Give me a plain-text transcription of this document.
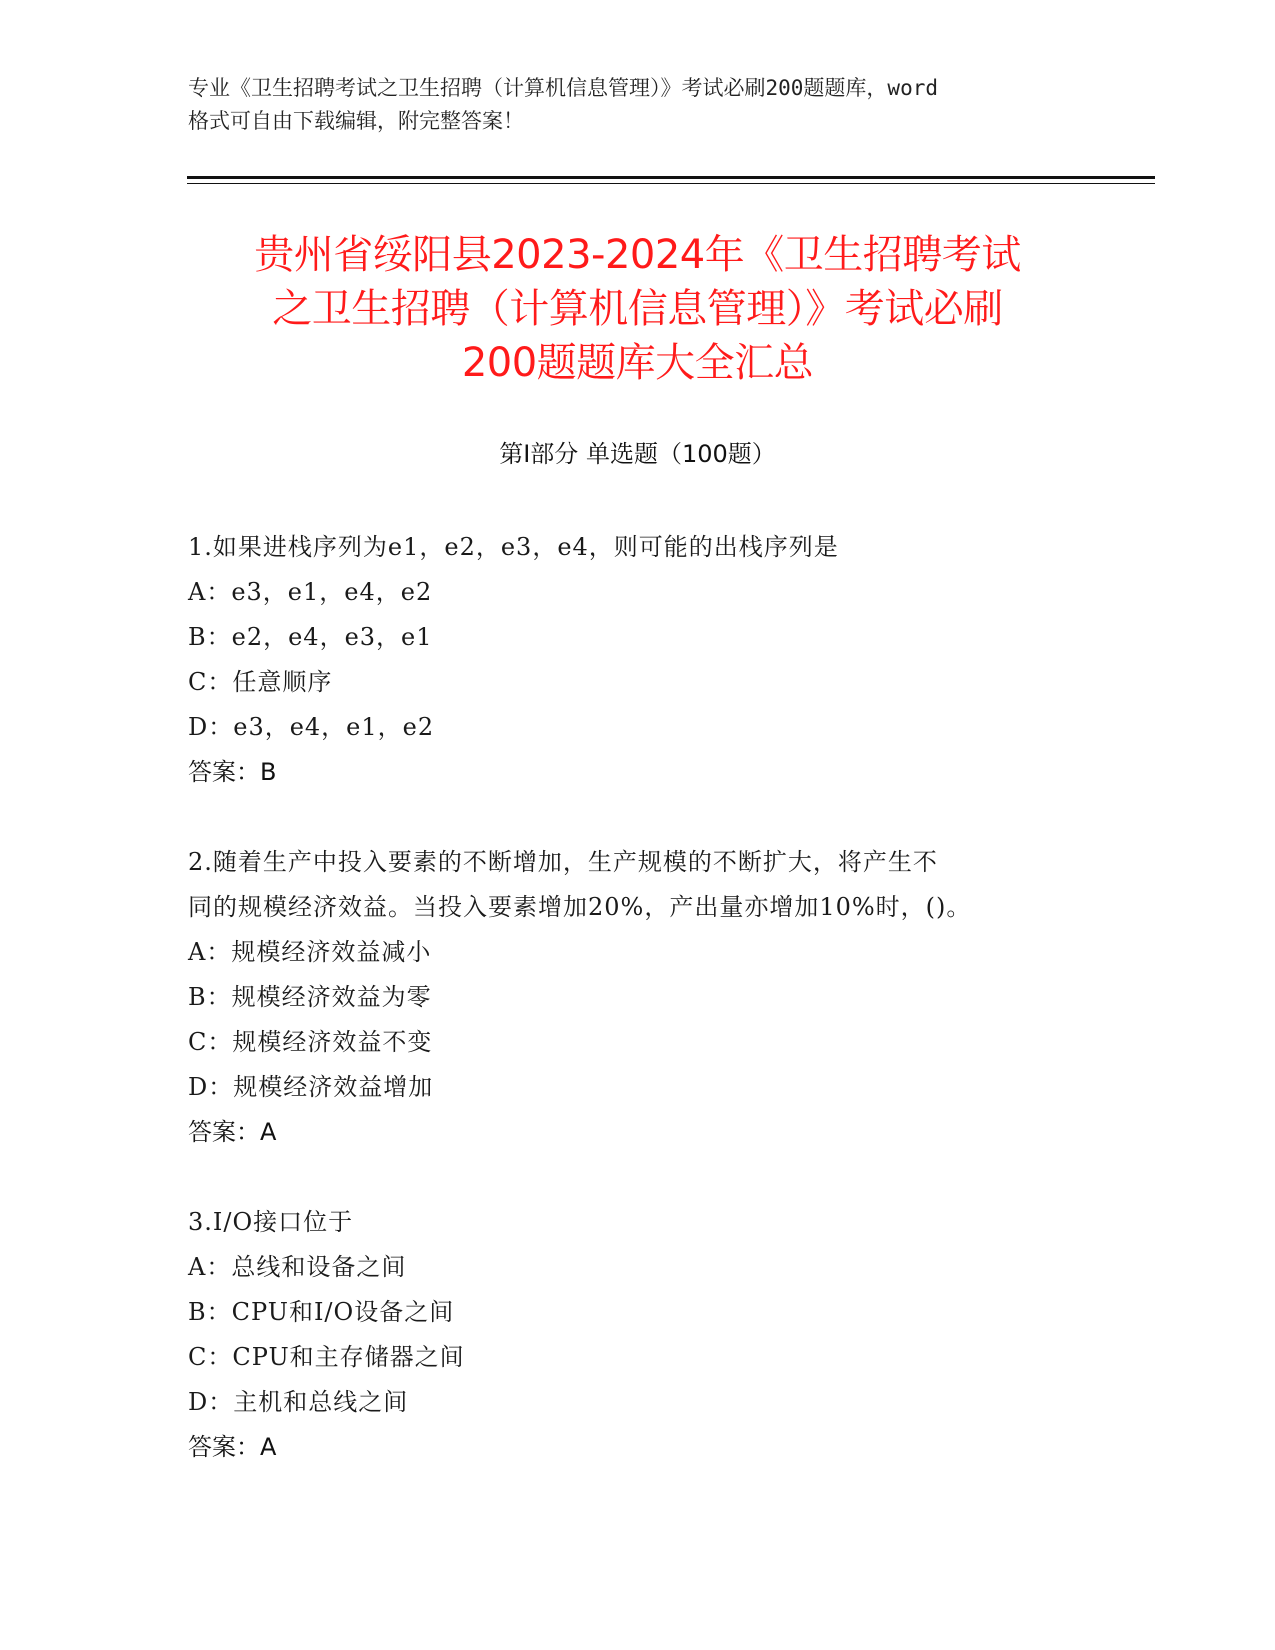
专业《卫生招聘考试之卫生招聘（计算机信息管理）》考试必刷200题题库，word
格式可自由下载编辑，附完整答案！
贵州省绥阳县2023-2024年《卫生招聘考试
之卫生招聘（计算机信息管理）》考试必刷
200题题库大全汇总
第Ⅰ部分 单选题（100题）
1.如果进栈序列为e1，e2，e3，e4，则可能的出栈序列是
A：e3，e1，e4，e2
B：e2，e4，e3，e1
C：任意顺序
D：e3，e4，e1，e2
答案：B
2.随着生产中投入要素的不断增加，生产规模的不断扩大，将产生不
同的规模经济效益。当投入要素增加20%，产出量亦增加10%时，()。
A：规模经济效益减小
B：规模经济效益为零
C：规模经济效益不变
D：规模经济效益增加
答案：A
3.I/O接口位于
A：总线和设备之间
B：CPU和I/O设备之间
C：CPU和主存储器之间
D：主机和总线之间
答案：A
